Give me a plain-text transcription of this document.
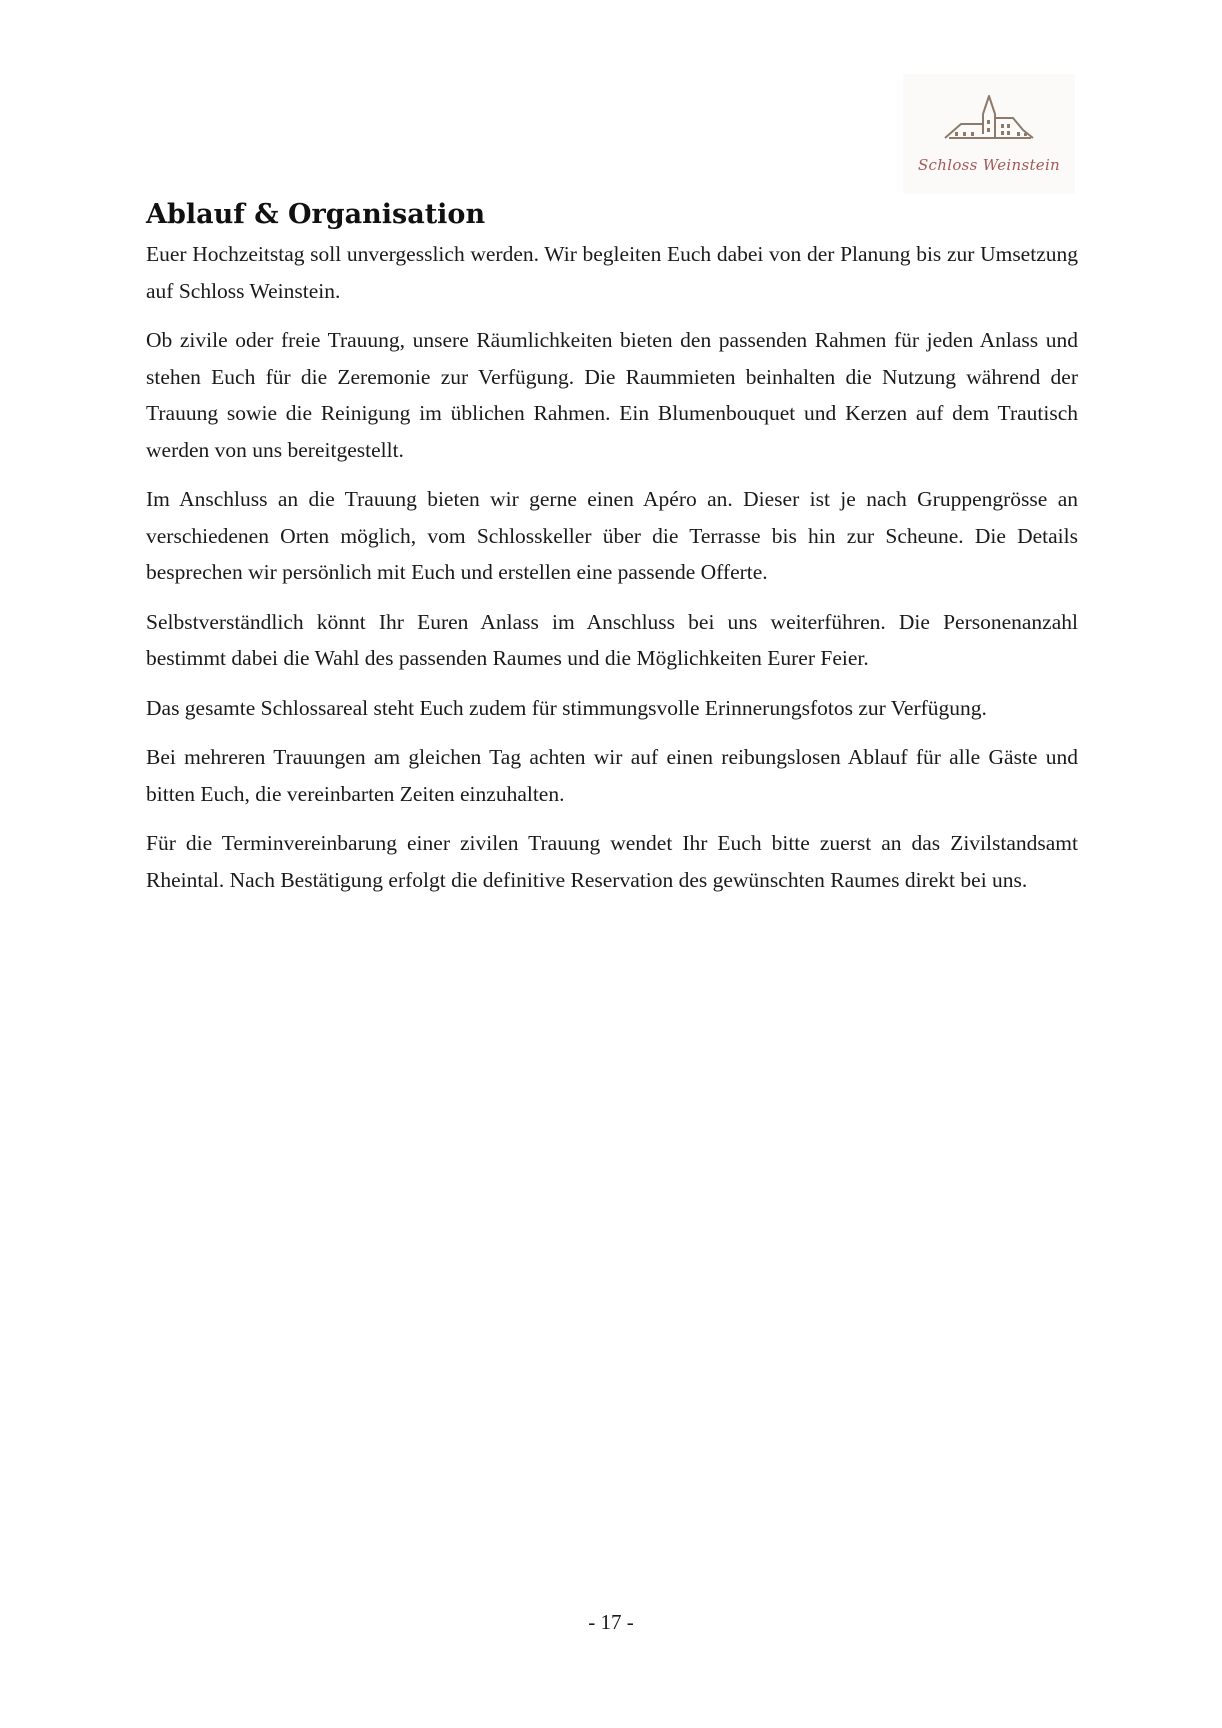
Schloss Weinstein
Ablauf & Organisation

Euer Hochzeitstag soll unvergesslich werden. Wir begleiten Euch dabei von der Planung bis zur Umsetzung auf Schloss Weinstein.

Ob zivile oder freie Trauung, unsere Räumlichkeiten bieten den passenden Rahmen für jeden Anlass und stehen Euch für die Zeremonie zur Verfügung. Die Raummieten beinhalten die Nutzung während der Trauung sowie die Reinigung im üblichen Rahmen. Ein Blumenbouquet und Kerzen auf dem Trautisch werden von uns bereitgestellt.

Im Anschluss an die Trauung bieten wir gerne einen Apéro an. Dieser ist je nach Gruppengrösse an verschiedenen Orten möglich, vom Schlosskeller über die Terrasse bis hin zur Scheune. Die Details besprechen wir persönlich mit Euch und erstellen eine passende Offerte.

Selbstverständlich könnt Ihr Euren Anlass im Anschluss bei uns weiterführen. Die Personenanzahl bestimmt dabei die Wahl des passenden Raumes und die Möglichkeiten Eurer Feier.

Das gesamte Schlossareal steht Euch zudem für stimmungsvolle Erinnerungsfotos zur Verfügung.

Bei mehreren Trauungen am gleichen Tag achten wir auf einen reibungslosen Ablauf für alle Gäste und bitten Euch, die vereinbarten Zeiten einzuhalten.

Für die Terminvereinbarung einer zivilen Trauung wendet Ihr Euch bitte zuerst an das Zivilstandsamt Rheintal. Nach Bestätigung erfolgt die definitive Reservation des gewünschten Raumes direkt bei uns.

- 17 -
